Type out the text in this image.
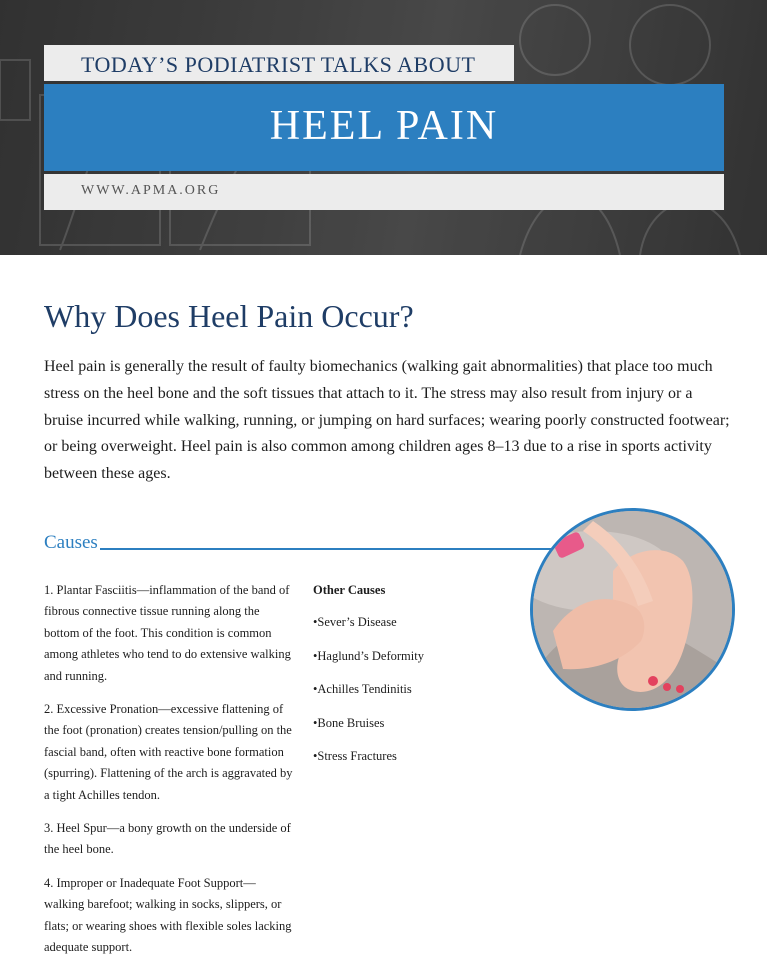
TODAY’S PODIATRIST TALKS ABOUT
HEEL PAIN
WWW.APMA.ORG
Why Does Heel Pain Occur?

Heel pain is generally the result of faulty biomechanics (walking gait abnormalities) that place too much stress on the heel bone and the soft tissues that attach to it. The stress may also result from injury or a bruise incurred while walking, running, or jumping on hard surfaces; wearing poorly constructed footwear; or being overweight. Heel pain is also common among children ages 8–13 due to a rise in sports activity between these ages.

Causes

1. Plantar Fasciitis—inflammation of the band of fibrous connective tissue running along the bottom of the foot. This condition is common among athletes who tend to do extensive walking and running.

2. Excessive Pronation—excessive flattening of the foot (pronation) creates tension/pulling on the fascial band, often with reactive bone formation (spurring). Flattening of the arch is aggravated by a tight Achilles tendon.

3. Heel Spur—a bony growth on the underside of the heel bone.

4. Improper or Inadequate Foot Support—walking barefoot; walking in socks, slippers, or flats; or wearing shoes with flexible soles lacking adequate support.

Other Causes

•Sever’s Disease

•Haglund’s Deformity

•Achilles Tendinitis

•Bone Bruises

•Stress Fractures
